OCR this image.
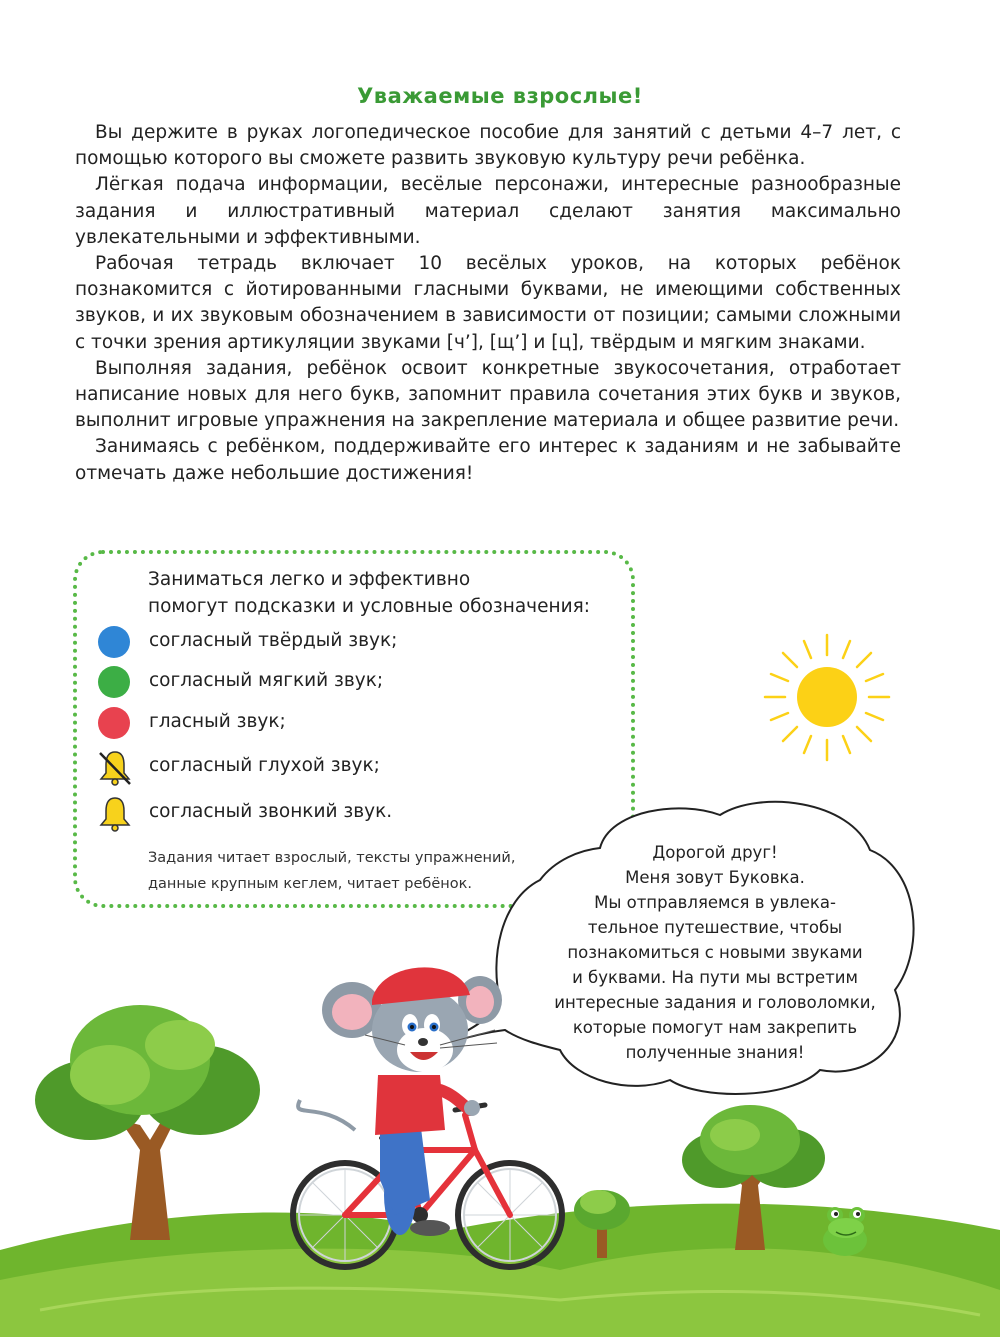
Уважаемые взрослые!

Вы держите в руках логопедическое пособие для занятий с детьми 4–7 лет, с помощью которого вы сможете развить звуковую культуру речи ребёнка.

Лёгкая подача информации, весёлые персонажи, интересные разнообразные задания и иллюстративный материал сделают занятия максимально увлекательными и эффективными.

Рабочая тетрадь включает 10 весёлых уроков, на которых ребёнок познакомится с йотированными гласными буквами, не имеющими собственных звуков, и их звуковым обозначением в зависимости от позиции; самыми сложными с точки зрения артикуляции звуками [ч’], [щ’] и [ц], твёрдым и мягким знаками.

Выполняя задания, ребёнок освоит конкретные звукосочетания, отработает написание новых для него букв, запомнит правила сочетания этих букв и звуков, выполнит игровые упражнения на закрепление материала и общее развитие речи.

Занимаясь с ребёнком, поддерживайте его интерес к заданиям и не забывайте отмечать даже небольшие достижения!

Заниматься легко и эффективно
помогут подсказки и условные обозначения:
согласный твёрдый звук;
согласный мягкий звук;
гласный звук;
согласный глухой звук;
согласный звонкий звук.
Задания читает взрослый, тексты упражнений,
данные крупным кеглем, читает ребёнок.
Дорогой друг!
Меня зовут Буковка.
Мы отправляемся в увлека-
тельное путешествие, чтобы
познакомиться с новыми звуками
и буквами. На пути мы встретим
интересные задания и головоломки,
которые помогут нам закрепить
полученные знания!
